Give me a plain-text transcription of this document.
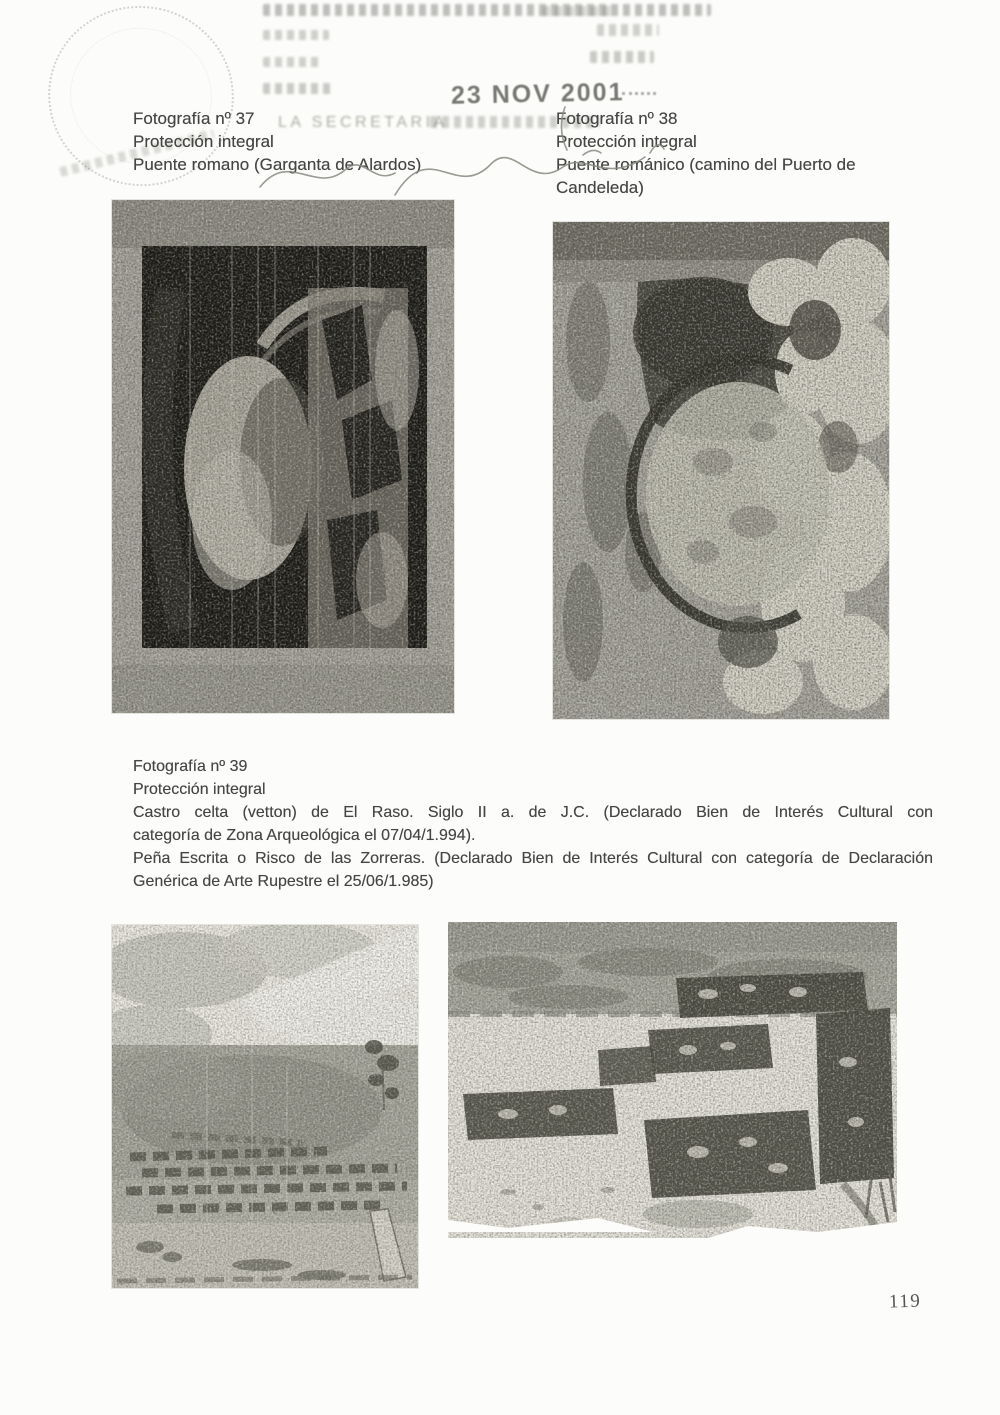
23 NOV 2001
LA SECRETARIA
Fotografía nº 37
Protección integral
Puente romano (Garganta de Alardos)
Fotografía nº 38
Protección integral
Puente románico (camino del Puerto de
Candeleda)
Fotografía nº 39
Protección integral
Castro celta (vetton) de El Raso. Siglo II a. de J.C. (Declarado Bien de Interés Cultural con
categoría de Zona Arqueológica el 07/04/1.994).
Peña Escrita o Risco de las Zorreras. (Declarado Bien de Interés Cultural con categoría de Declaración
Genérica de Arte Rupestre el 25/06/1.985)
119
